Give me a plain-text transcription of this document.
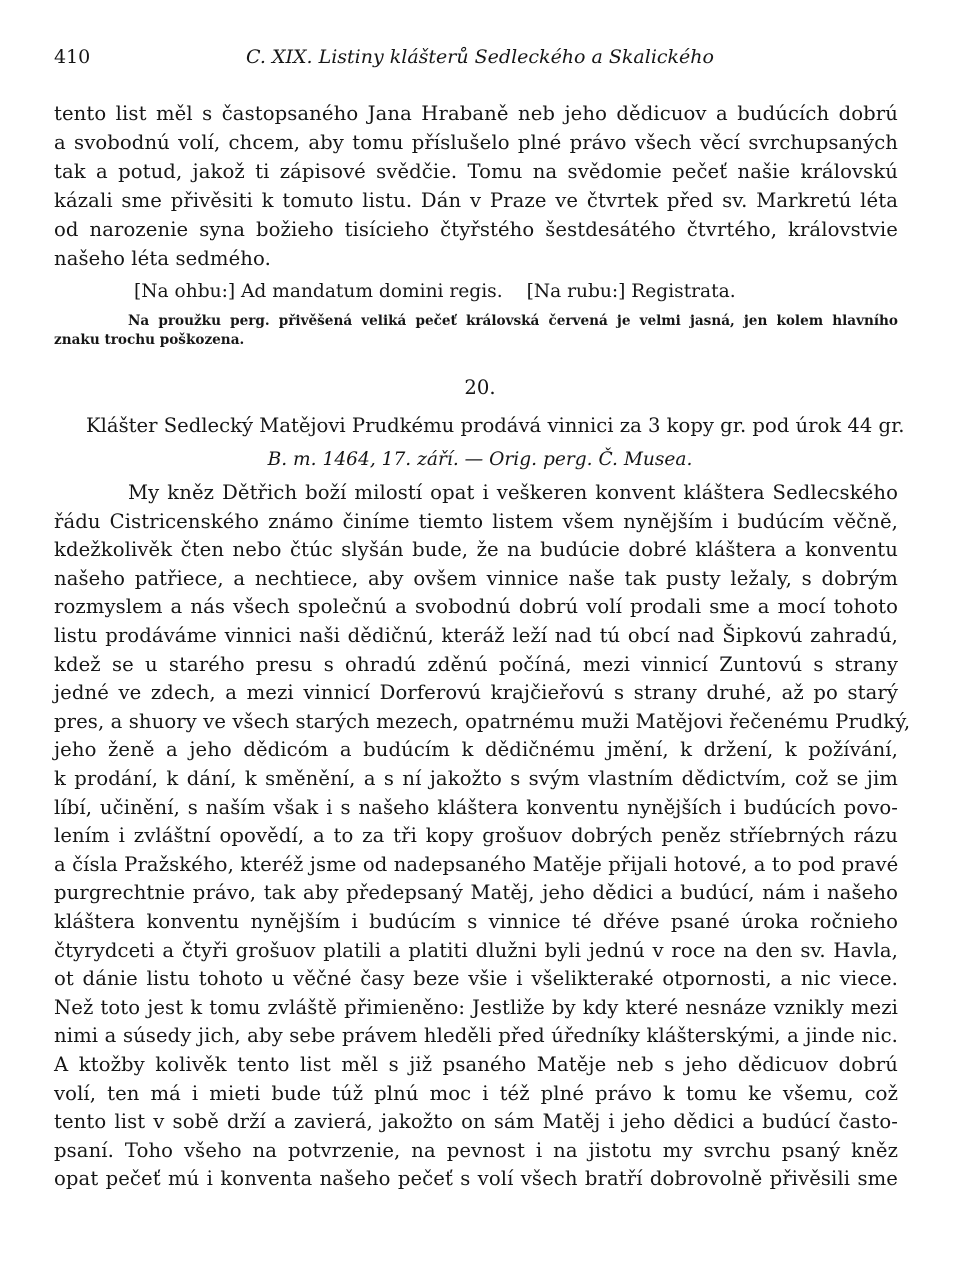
410	C. XIX. Listiny klášterů Sedleckého a Skalického
tento list měl s častopsaného Jana Hrabaně neb jeho dědicuov a budúcích dobrú
a svobodnú volí, chcem, aby tomu příslušelo plné právo všech věcí svrchupsaných
tak a potud, jakož ti zápisové svědčie. Tomu na svědomie pečeť našie královskú
kázali sme přivěsiti k tomuto listu. Dán v Praze ve čtvrtek před sv. Markretú léta
od narozenie syna božieho tisícieho čtyřstého šestdesátého čtvrtého, královstvie
našeho léta sedmého.
[Na ohbu:] Ad mandatum domini regis. [Na rubu:] Registrata.
Na proužku perg. přivěšená veliká pečeť královská červená je velmi jasná, jen kolem hlavního
znaku trochu poškozena.
20.
Klášter Sedlecký Matějovi Prudkému prodává vinnici za 3 kopy gr. pod úrok 44 gr.
B. m. 1464, 17. září. — Orig. perg. Č. Musea.
My kněz Dětřich boží milostí opat i veškeren konvent kláštera Sedlecského
řádu Cistricenského známo činíme tiemto listem všem nynějším i budúcím věčně,
kdežkolivěk čten nebo čtúc slyšán bude, že na budúcie dobré kláštera a konventu
našeho patřiece, a nechtiece, aby ovšem vinnice naše tak pusty ležaly, s dobrým
rozmyslem a nás všech společnú a svobodnú dobrú volí prodali sme a mocí tohoto
listu prodáváme vinnici naši dědičnú, kteráž leží nad tú obcí nad Šipkovú zahradú,
kdež se u starého presu s ohradú zděnú počíná, mezi vinnicí Zuntovú s strany
jedné ve zdech, a mezi vinnicí Dorferovú krajčieřovú s strany druhé, až po starý
pres, a shuory ve všech starých mezech, opatrnému muži Matějovi řečenému Prudký,
jeho ženě a jeho dědicóm a budúcím k dědičnému jmění, k držení, k požívání,
k prodání, k dání, k směnění, a s ní jakožto s svým vlastním dědictvím, což se jim
líbí, učinění, s naším však i s našeho kláštera konventu nynějších i budúcích povo-
lením i zvláštní opovědí, a to za tři kopy grošuov dobrých peněz stříebrných rázu
a čísla Pražského, kteréž jsme od nadepsaného Matěje přijali hotové, a to pod pravé
purgrechtnie právo, tak aby předepsaný Matěj, jeho dědici a budúcí, nám i našeho
kláštera konventu nynějším i budúcím s vinnice té dřéve psané úroka ročnieho
čtyrydceti a čtyři grošuov platili a platiti dlužni byli jednú v roce na den sv. Havla,
ot dánie listu tohoto u věčné časy beze všie i všelikteraké otpornosti, a nic viece.
Než toto jest k tomu zvláště přimieněno: Jestliže by kdy které nesnáze vznikly mezi
nimi a súsedy jich, aby sebe právem hleděli před úředníky klášterskými, a jinde nic.
A ktožby kolivěk tento list měl s již psaného Matěje neb s jeho dědicuov dobrú
volí, ten má i mieti bude túž plnú moc i též plné právo k tomu ke všemu, což
tento list v sobě drží a zavierá, jakožto on sám Matěj i jeho dědici a budúcí často-
psaní. Toho všeho na potvrzenie, na pevnost i na jistotu my svrchu psaný kněz
opat pečeť mú i konventa našeho pečeť s volí všech bratří dobrovolně přivěsili sme
